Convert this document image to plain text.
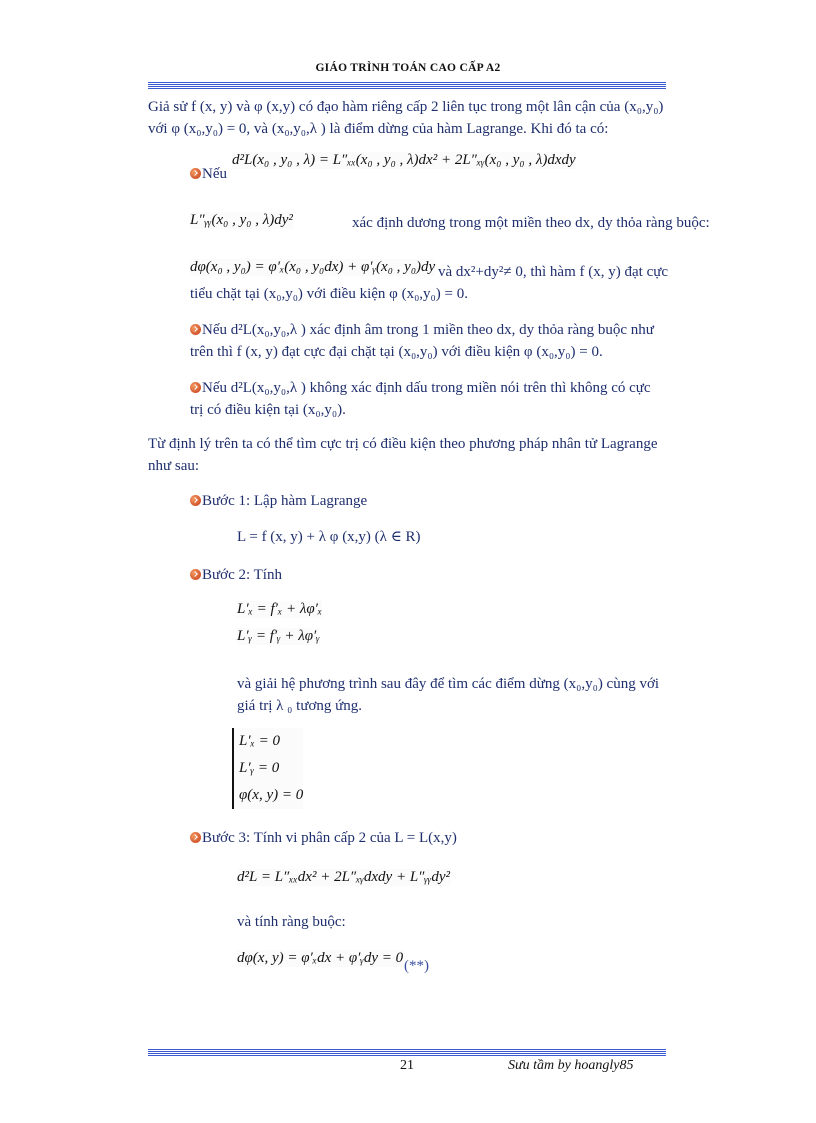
GIÁO TRÌNH TOÁN CAO CẤP A2
Giả sử f (x, y) và φ (x,y) có đạo hàm riêng cấp 2 liên tục trong một lân cận của (x₀,y₀)
với φ (x₀,y₀) = 0, và (x₀,y₀,λ ) là điểm dừng của hàm Lagrange. Khi đó ta có:
Nếu
d²L(x₀ , y₀ , λ) = L″ₓₓ(x₀ , y₀ , λ)dx² + 2L″ₓᵧ(x₀ , y₀ , λ)dxdy
L″ᵧᵧ(x₀ , y₀ , λ)dy²	xác định dương trong một miền theo dx, dy thỏa ràng buộc:
dφ(x₀ , y₀) = φ′ₓ(x₀ , y₀dx) + φ′ᵧ(x₀ , y₀)dy và dx²+dy²≠ 0, thì hàm f (x, y) đạt cực
tiểu chặt tại (x₀,y₀) với điều kiện φ (x₀,y₀) = 0.
Nếu d²L(x₀,y₀,λ ) xác định âm trong 1 miền theo dx, dy thỏa ràng buộc như
trên thì f (x, y) đạt cực đại chặt tại (x₀,y₀) với điều kiện φ (x₀,y₀) = 0.
Nếu d²L(x₀,y₀,λ ) không xác định dấu trong miền nói trên thì không có cực
trị có điều kiện tại (x₀,y₀).
Từ định lý trên ta có thể tìm cực trị có điều kiện theo phương pháp nhân tử Lagrange
như sau:
Bước 1: Lập hàm Lagrange
L = f (x, y) + λ φ (x,y) (λ ∈ R)
Bước 2: Tính
L′ₓ = f′ₓ + λφ′ₓ
L′ᵧ = f′ᵧ + λφ′ᵧ
và giải hệ phương trình sau đây để tìm các điểm dừng (x₀,y₀) cùng với
giá trị λ ₀ tương ứng.
L′ₓ = 0
L′ᵧ = 0
φ(x, y) = 0
Bước 3: Tính vi phân cấp 2 của L = L(x,y)
d²L = L″ₓₓdx² + 2L″ₓᵧdxdy + L″ᵧᵧdy²
và tính ràng buộc:
dφ(x, y) = φ′ₓdx + φ′ᵧdy = 0 (**)
21	Sưu tầm by hoangly85
